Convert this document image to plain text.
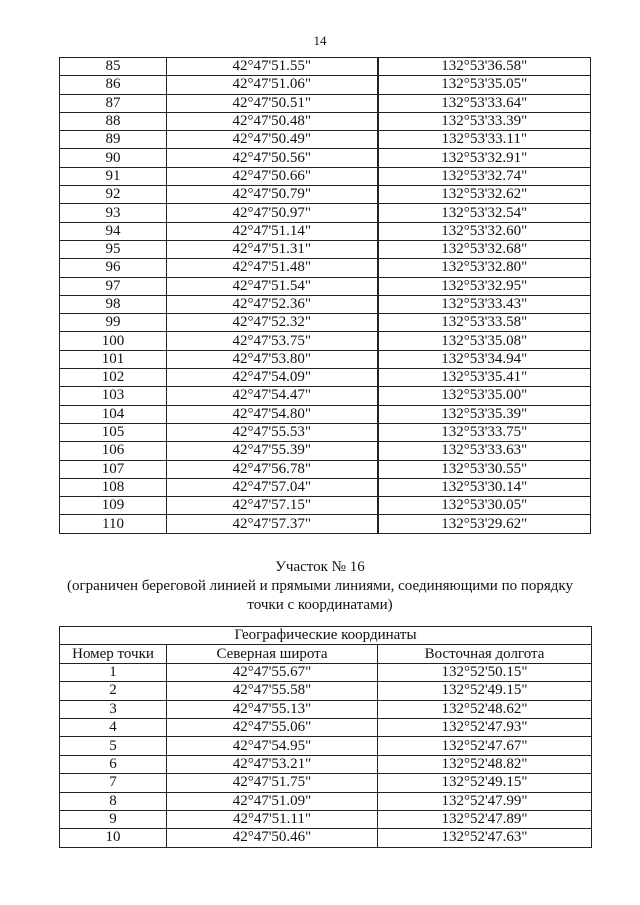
14
85	42°47'51.55"	132°53'36.58"
86	42°47'51.06"	132°53'35.05"
87	42°47'50.51"	132°53'33.64"
88	42°47'50.48"	132°53'33.39"
89	42°47'50.49"	132°53'33.11"
90	42°47'50.56"	132°53'32.91"
91	42°47'50.66"	132°53'32.74"
92	42°47'50.79"	132°53'32.62"
93	42°47'50.97"	132°53'32.54"
94	42°47'51.14"	132°53'32.60"
95	42°47'51.31"	132°53'32.68"
96	42°47'51.48"	132°53'32.80"
97	42°47'51.54"	132°53'32.95"
98	42°47'52.36"	132°53'33.43"
99	42°47'52.32"	132°53'33.58"
100	42°47'53.75"	132°53'35.08"
101	42°47'53.80"	132°53'34.94"
102	42°47'54.09"	132°53'35.41"
103	42°47'54.47"	132°53'35.00"
104	42°47'54.80"	132°53'35.39"
105	42°47'55.53"	132°53'33.75"
106	42°47'55.39"	132°53'33.63"
107	42°47'56.78"	132°53'30.55"
108	42°47'57.04"	132°53'30.14"
109	42°47'57.15"	132°53'30.05"
110	42°47'57.37"	132°53'29.62"
Участок № 16
(ограничен береговой линией и прямыми линиями, соединяющими по порядку
точки с координатами)
Географические координаты		
Номер точки	Северная широта	Восточная долгота
1	42°47'55.67"	132°52'50.15"
2	42°47'55.58"	132°52'49.15"
3	42°47'55.13"	132°52'48.62"
4	42°47'55.06"	132°52'47.93"
5	42°47'54.95"	132°52'47.67"
6	42°47'53.21"	132°52'48.82"
7	42°47'51.75"	132°52'49.15"
8	42°47'51.09"	132°52'47.99"
9	42°47'51.11"	132°52'47.89"
10	42°47'50.46"	132°52'47.63"
